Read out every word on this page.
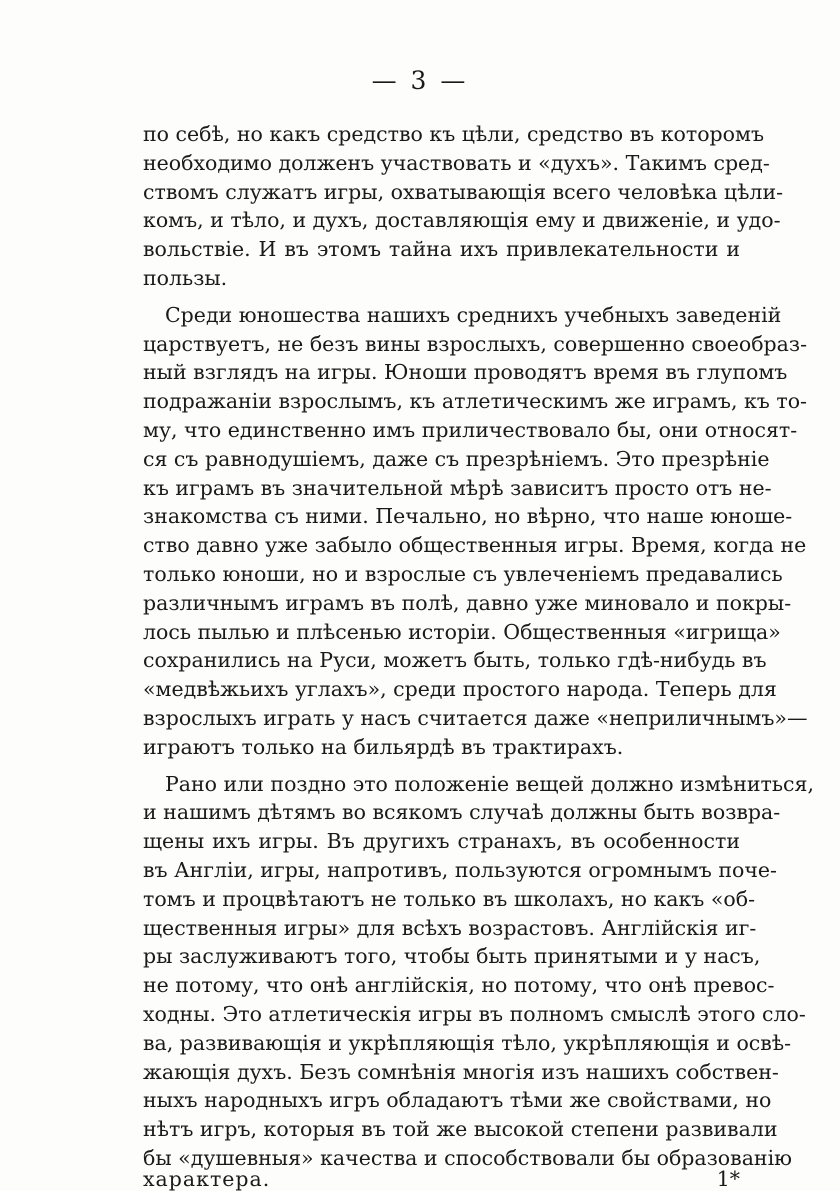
— 3 —
по себѣ, но какъ средство къ цѣли, средство въ которомъ
необходимо долженъ участвовать и «духъ». Такимъ сред-
ствомъ служатъ игры, охватывающія всего человѣка цѣли-
комъ, и тѣло, и духъ, доставляющія ему и движеніе, и удо-
вольствіе. И въ этомъ тайна ихъ привлекательности и
пользы.
Среди юношества нашихъ среднихъ учебныхъ заведеній
царствуетъ, не безъ вины взрослыхъ, совершенно своеобраз-
ный взглядъ на игры. Юноши проводятъ время въ глупомъ
подражаніи взрослымъ, къ атлетическимъ же играмъ, къ то-
му, что единственно имъ приличествовало бы, они относят-
ся съ равнодушіемъ, даже съ презрѣніемъ. Это презрѣніе
къ играмъ въ значительной мѣрѣ зависитъ просто отъ не-
знакомства съ ними. Печально, но вѣрно, что наше юноше-
ство давно уже забыло общественныя игры. Время, когда не
только юноши, но и взрослые съ увлеченіемъ предавались
различнымъ играмъ въ полѣ, давно уже миновало и покры-
лось пылью и плѣсенью исторіи. Общественныя «игрища»
сохранились на Руси, можетъ быть, только гдѣ-нибудь въ
«медвѣжьихъ углахъ», среди простого народа. Теперь для
взрослыхъ играть у насъ считается даже «неприличнымъ»—
играютъ только на бильярдѣ въ трактирахъ.
Рано или поздно это положеніе вещей должно измѣниться,
и нашимъ дѣтямъ во всякомъ случаѣ должны быть возвра-
щены ихъ игры. Въ другихъ странахъ, въ особенности
въ Англіи, игры, напротивъ, пользуются огромнымъ поче-
томъ и процвѣтаютъ не только въ школахъ, но какъ «об-
щественныя игры» для всѣхъ возрастовъ. Англійскія иг-
ры заслуживаютъ того, чтобы быть принятыми и у насъ,
не потому, что онѣ англійскія, но потому, что онѣ превос-
ходны. Это атлетическія игры въ полномъ смыслѣ этого сло-
ва, развивающія и укрѣпляющія тѣло, укрѣпляющія и освѣ-
жающія духъ. Безъ сомнѣнія многія изъ нашихъ собствен-
ныхъ народныхъ игръ обладаютъ тѣми же свойствами, но
нѣтъ игръ, которыя въ той же высокой степени развивали
бы «душевныя» качества и способствовали бы образованію
характера.	1*
